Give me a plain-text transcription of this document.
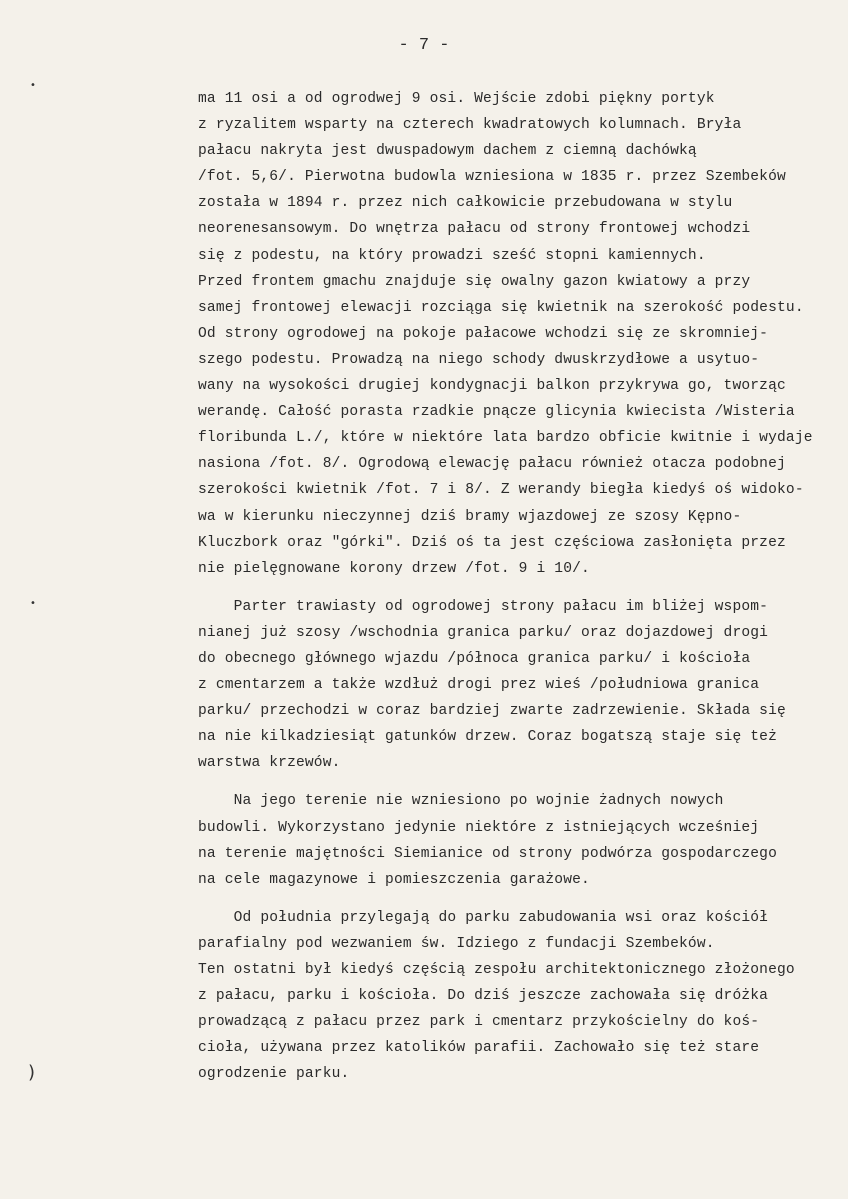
- 7 -
•
•
)
ma 11 osi a od ogrodwej 9 osi. Wejście zdobi piękny portyk
z ryzalitem wsparty na czterech kwadratowych kolumnach. Bryła
pałacu nakryta jest dwuspadowym dachem z ciemną dachówką
/fot. 5,6/. Pierwotna budowla wzniesiona w 1835 r. przez Szembeków
została w 1894 r. przez nich całkowicie przebudowana w stylu
neorenesansowym. Do wnętrza pałacu od strony frontowej wchodzi
się z podestu, na który prowadzi sześć stopni kamiennych.
Przed frontem gmachu znajduje się owalny gazon kwiatowy a przy
samej frontowej elewacji rozciąga się kwietnik na szerokość podestu.
Od strony ogrodowej na pokoje pałacowe wchodzi się ze skromniej-
szego podestu. Prowadzą na niego schody dwuskrzydłowe a usytuo-
wany na wysokości drugiej kondygnacji balkon przykrywa go, tworząc
werandę. Całość porasta rzadkie pnącze glicynia kwiecista /Wisteria
floribunda L./, które w niektóre lata bardzo obficie kwitnie i wydaje
nasiona /fot. 8/. Ogrodową elewację pałacu również otacza podobnej
szerokości kwietnik /fot. 7 i 8/. Z werandy biegła kiedyś oś widoko-
wa w kierunku nieczynnej dziś bramy wjazdowej ze szosy Kępno-
Kluczbork oraz "górki". Dziś oś ta jest częściowa zasłonięta przez
nie pielęgnowane korony drzew /fot. 9 i 10/.
Parter trawiasty od ogrodowej strony pałacu im bliżej wspom-
nianej już szosy /wschodnia granica parku/ oraz dojazdowej drogi
do obecnego głównego wjazdu /północa granica parku/ i kościoła
z cmentarzem a także wzdłuż drogi prez wieś /południowa granica
parku/ przechodzi w coraz bardziej zwarte zadrzewienie. Składa się
na nie kilkadziesiąt gatunków drzew. Coraz bogatszą staje się też
warstwa krzewów.
Na jego terenie nie wzniesiono po wojnie żadnych nowych
budowli. Wykorzystano jedynie niektóre z istniejących wcześniej
na terenie majętności Siemianice od strony podwórza gospodarczego
na cele magazynowe i pomieszczenia garażowe.
Od południa przylegają do parku zabudowania wsi oraz kościół
parafialny pod wezwaniem św. Idziego z fundacji Szembeków.
Ten ostatni był kiedyś częścią zespołu architektonicznego złożonego
z pałacu, parku i kościoła. Do dziś jeszcze zachowała się dróżka
prowadzącą z pałacu przez park i cmentarz przykościelny do koś-
cioła, używana przez katolików parafii. Zachowało się też stare
ogrodzenie parku.
